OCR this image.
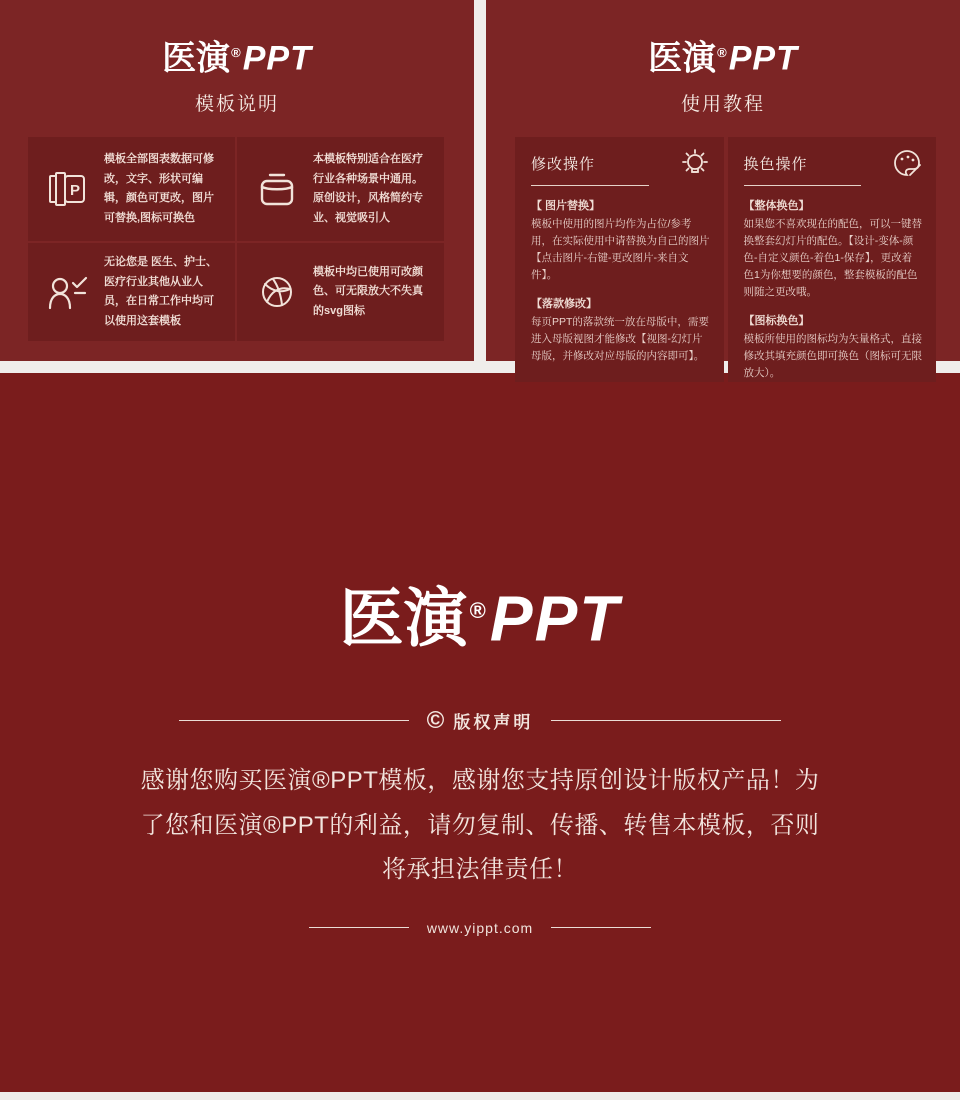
医演®PPT
模板说明
P

模板全部图表数据可修改，文字、形状可编辑，颜色可更改，图片可替换,图标可换色

本模板特别适合在医疗行业各种场景中通用。原创设计，风格简约专业、视觉吸引人

无论您是 医生、护士、医疗行业其他从业人员，在日常工作中均可以使用这套模板

模板中均已使用可改颜色、可无限放大不失真的svg图标

医演®PPT
使用教程
修改操作

【 图片替换】

模板中使用的图片均作为占位/参考用，在实际使用中请替换为自己的图片【点击图片-右键-更改图片-来自文件】。

【落款修改】

每页PPT的落款统一放在母版中，需要进入母版视图才能修改【视图-幻灯片母版，并修改对应母版的内容即可】。

换色操作

【整体换色】

如果您不喜欢现在的配色，可以一键替换整套幻灯片的配色。【设计-变体-颜色-自定义颜色-着色1-保存】，更改着色1为你想要的颜色，整套模板的配色则随之更改哦。

【图标换色】

模板所使用的图标均为矢量格式，直接修改其填充颜色即可换色（图标可无限放大）。

医演®PPT
© 版权声明

感谢您购买医演®PPT模板，感谢您支持原创设计版权产品！为了您和医演®PPT的利益，请勿复制、传播、转售本模板，否则将承担法律责任！

www.yippt.com
